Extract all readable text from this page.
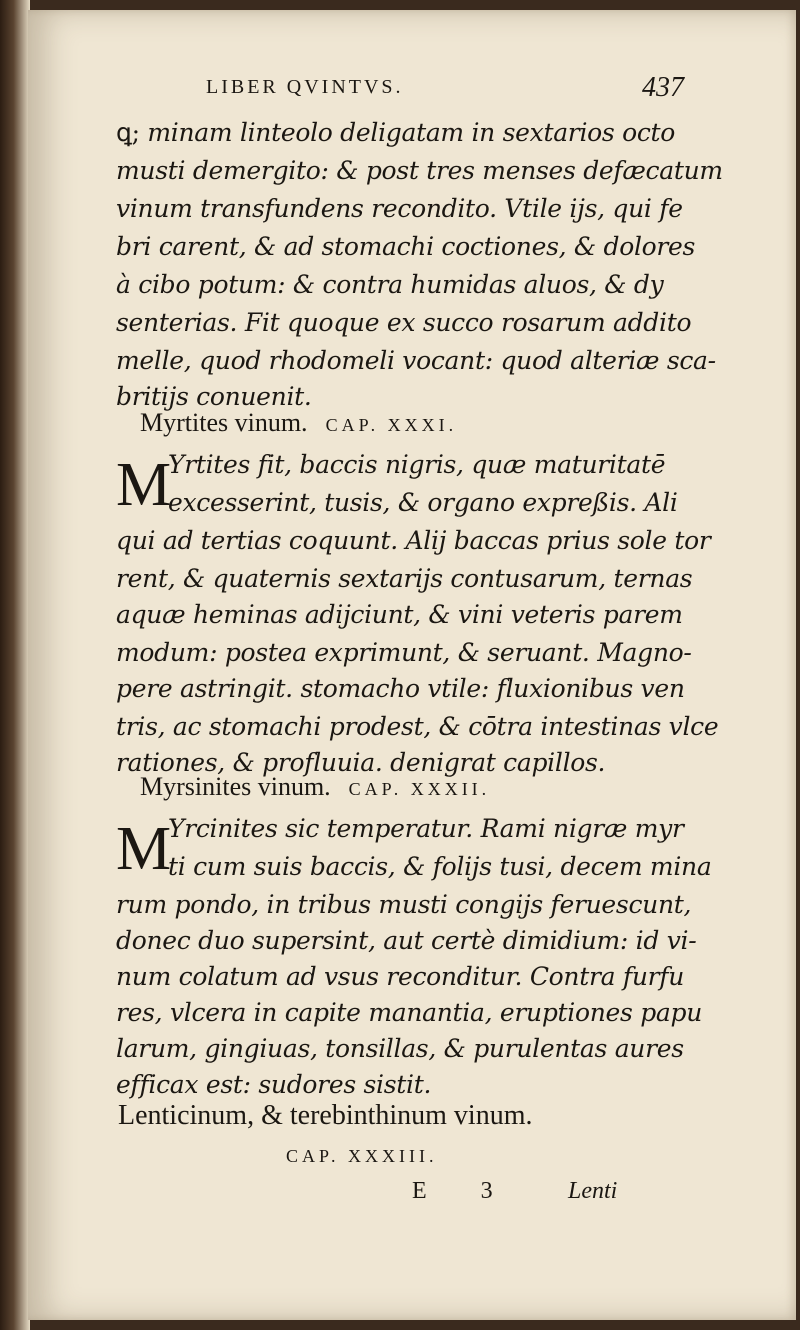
LIBER QVINTVS.	437

ꝗ; minam linteolo deligatam in sextarios octo

musti demergito: & post tres menses defæcatum

vinum transfundens recondito. Vtile ijs, qui fe

bri carent, & ad stomachi coctiones, & dolores

à cibo potum: & contra humidas aluos, & dy

senterias. Fit quoque ex succo rosarum addito

melle, quod rhodomeli vocant: quod alteriæ sca-

britijs conuenit.

Myrtites vinum. CAP. XXXI.
M

Yrtites fit, baccis nigris, quæ maturitatē

excesserint, tusis, & organo expreßis. Ali

qui ad tertias coquunt. Alij baccas prius sole tor

rent, & quaternis sextarijs contusarum, ternas

aquæ heminas adijciunt, & vini veteris parem

modum: postea exprimunt, & seruant. Magno-

pere astringit. stomacho vtile: fluxionibus ven

tris, ac stomachi prodest, & cōtra intestinas vlce

rationes, & profluuia. denigrat capillos.

Myrsinites vinum. CAP. XXXII.
M

Yrcinites sic temperatur. Rami nigræ myr

ti cum suis baccis, & folijs tusi, decem mina

rum pondo, in tribus musti congijs feruescunt,

donec duo supersint, aut certè dimidium: id vi-

num colatum ad vsus reconditur. Contra furfu

res, vlcera in capite manantia, eruptiones papu

larum, gingiuas, tonsillas, & purulentas aures

efficax est: sudores sistit.

Lenticinum, & terebinthinum vinum.
CAP. XXXIII.
E 3 Lenti
